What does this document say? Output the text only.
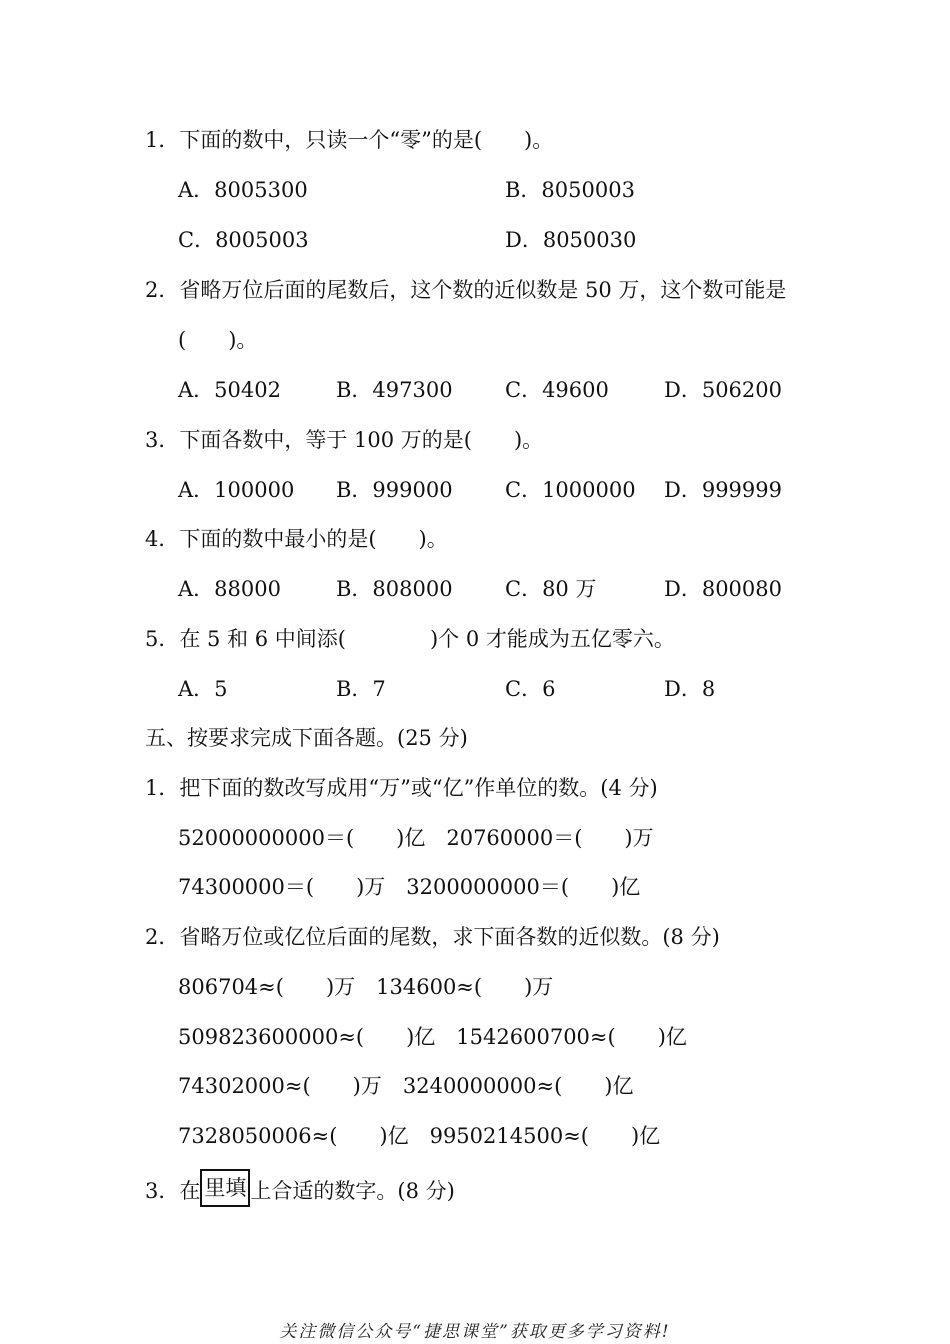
1．下面的数中，只读一个“零”的是(　　)。
A．8005300	B．8050003
C．8005003	D．8050030
2．省略万位后面的尾数后，这个数的近似数是 50 万，这个数可能是
(　　)。
A．50402	B．497300 C．49600	D．506200
3．下面各数中，等于 100 万的是(　　)。
A．100000 B．999000 C．1000000 D．999999
4．下面的数中最小的是(　　)。
A．88000	B．808000 C．80 万	D．800080
5．在 5 和 6 中间添(　　　　)个 0 才能成为五亿零六。
A．5	B．7	C．6	D．8
五、按要求完成下面各题。(25 分)
1．把下面的数改写成用“万”或“亿”作单位的数。(4 分)
52000000000＝(　　)亿　20760000＝(　　)万
74300000＝(　　)万　3200000000＝(　　)亿
2．省略万位或亿位后面的尾数，求下面各数的近似数。(8 分)
806704≈(　　)万　134600≈(　　)万
509823600000≈(　　)亿　1542600700≈(　　)亿
74302000≈(　　)万　3240000000≈(　　)亿
7328050006≈(　　)亿　9950214500≈(　　)亿
3．在 里填 上合适的数字。(8 分)
关注微信公众号“捷思课堂”获取更多学习资料!
